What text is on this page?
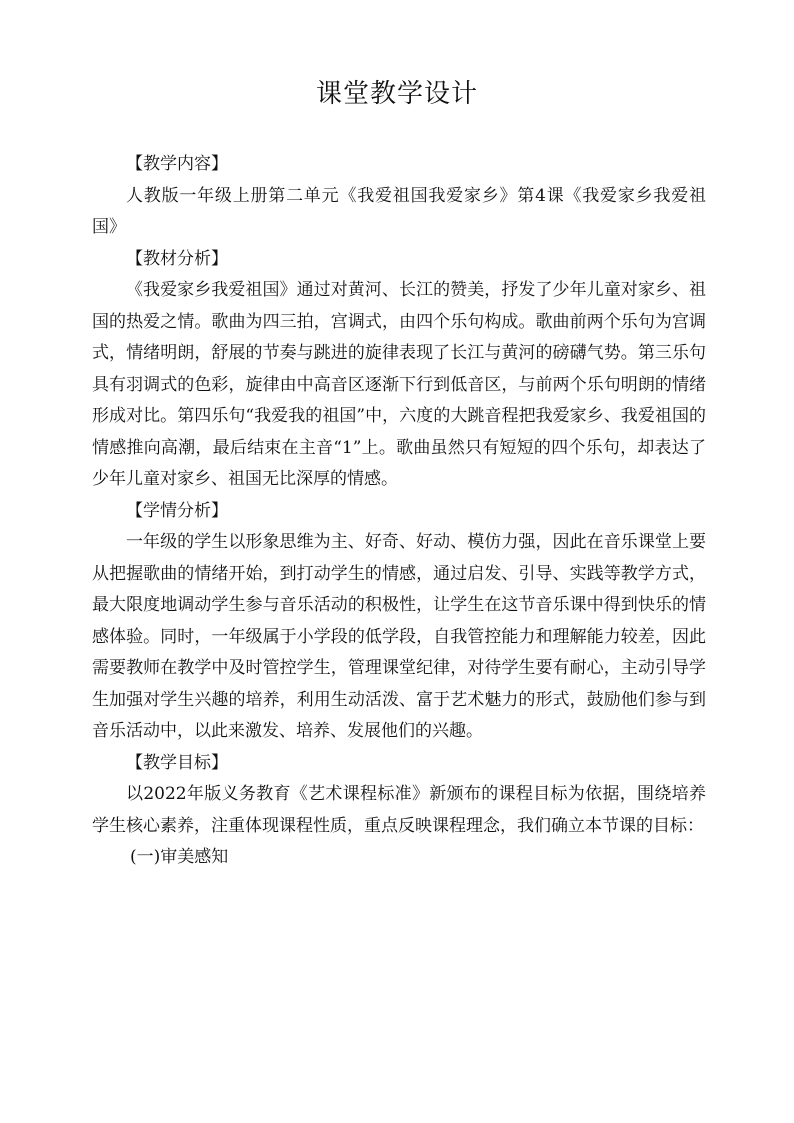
课堂教学设计
【教学内容】

人教版一年级上册第二单元《我爱祖国我爱家乡》第4课《我爱家乡我爱祖国》

【教材分析】

《我爱家乡我爱祖国》通过对黄河、长江的赞美，抒发了少年儿童对家乡、祖国的热爱之情。歌曲为四三拍，宫调式，由四个乐句构成。歌曲前两个乐句为宫调式，情绪明朗，舒展的节奏与跳进的旋律表现了长江与黄河的磅礴气势。第三乐句具有羽调式的色彩，旋律由中高音区逐渐下行到低音区，与前两个乐句明朗的情绪形成对比。第四乐句“我爱我的祖国”中，六度的大跳音程把我爱家乡、我爱祖国的情感推向高潮，最后结束在主音“1”上。歌曲虽然只有短短的四个乐句，却表达了少年儿童对家乡、祖国无比深厚的情感。

【学情分析】

一年级的学生以形象思维为主、好奇、好动、模仿力强，因此在音乐课堂上要从把握歌曲的情绪开始，到打动学生的情感，通过启发、引导、实践等教学方式，最大限度地调动学生参与音乐活动的积极性，让学生在这节音乐课中得到快乐的情感体验。同时，一年级属于小学段的低学段，自我管控能力和理解能力较差，因此需要教师在教学中及时管控学生，管理课堂纪律，对待学生要有耐心，主动引导学生加强对学生兴趣的培养，利用生动活泼、富于艺术魅力的形式，鼓励他们参与到音乐活动中，以此来激发、培养、发展他们的兴趣。

【教学目标】

以2022年版义务教育《艺术课程标准》新颁布的课程目标为依据，围绕培养学生核心素养，注重体现课程性质，重点反映课程理念，我们确立本节课的目标：

(一)审美感知
